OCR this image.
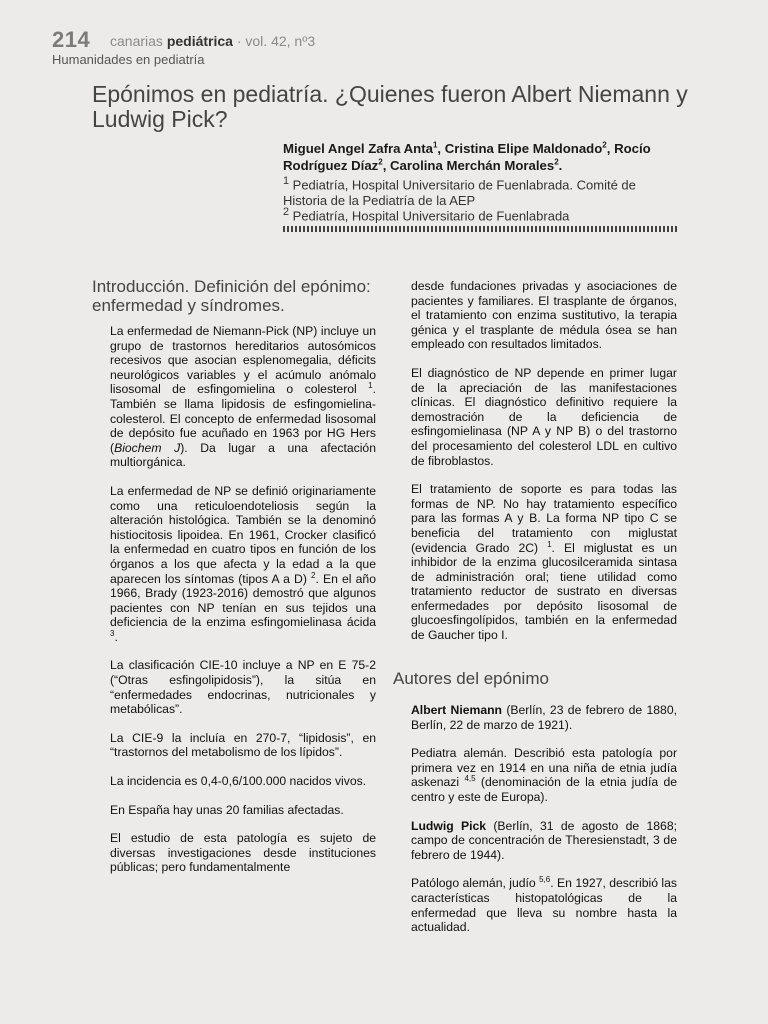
214 canarias pediátrica · vol. 42, nº3
Humanidades en pediatría
Epónimos en pediatría. ¿Quienes fueron Albert Niemann y Ludwig Pick?
Miguel Angel Zafra Anta$^1$, Cristina Elipe Maldonado$^2$, Rocío Rodríguez Díaz$^2$, Carolina Merchán Morales$^2$.
$^1$ Pediatría, Hospital Universitario de Fuenlabrada. Comité de Historia de la Pediatría de la AEP
$^2$ Pediatría, Hospital Universitario de Fuenlabrada
Introducción. Definición del epónimo: enfermedad y síndromes.

La enfermedad de Niemann-Pick (NP) incluye un grupo de trastornos hereditarios autosómicos recesivos que asocian esplenomegalia, déficits neurológicos variables y el acúmulo anómalo lisosomal de esfingomielina o colesterol $^1$. También se llama lipidosis de esfingomielina-colesterol. El concepto de enfermedad lisosomal de depósito fue acuñado en 1963 por HG Hers (Biochem J). Da lugar a una afectación multiorgánica.

La enfermedad de NP se definió originariamente como una reticuloendoteliosis según la alteración histológica. También se la denominó histiocitosis lipoidea. En 1961, Crocker clasificó la enfermedad en cuatro tipos en función de los órganos a los que afecta y la edad a la que aparecen los síntomas (tipos A a D) $^2$. En el año 1966, Brady (1923-2016) demostró que algunos pacientes con NP tenían en sus tejidos una deficiencia de la enzima esfingomielinasa ácida $^3$.

La clasificación CIE-10 incluye a NP en E 75-2 (“Otras esfingolipidosis”), la sitúa en “enfermedades endocrinas, nutricionales y metabólicas”.

La CIE-9 la incluía en 270-7, “lipidosis”, en “trastornos del metabolismo de los lípidos”.

La incidencia es 0,4-0,6/100.000 nacidos vivos.

En España hay unas 20 familias afectadas.

El estudio de esta patología es sujeto de diversas investigaciones desde instituciones públicas; pero fundamentalmente

desde fundaciones privadas y asociaciones de pacientes y familiares. El trasplante de órganos, el tratamiento con enzima sustitutivo, la terapia génica y el trasplante de médula ósea se han empleado con resultados limitados.

El diagnóstico de NP depende en primer lugar de la apreciación de las manifestaciones clínicas. El diagnóstico definitivo requiere la demostración de la deficiencia de esfingomielinasa (NP A y NP B) o del trastorno del procesamiento del colesterol LDL en cultivo de fibroblastos.

El tratamiento de soporte es para todas las formas de NP. No hay tratamiento específico para las formas A y B. La forma NP tipo C se beneficia del tratamiento con miglustat (evidencia Grado 2C) $^1$. El miglustat es un inhibidor de la enzima glucosilceramida sintasa de administración oral; tiene utilidad como tratamiento reductor de sustrato en diversas enfermedades por depósito lisosomal de glucoesfingolípidos, también en la enfermedad de Gaucher tipo I.

Autores del epónimo

Albert Niemann (Berlín, 23 de febrero de 1880, Berlín, 22 de marzo de 1921).

Pediatra alemán. Describió esta patología por primera vez en 1914 en una niña de etnia judía askenazi $^{4,5}$ (denominación de la etnia judía de centro y este de Europa).

Ludwig Pick (Berlín, 31 de agosto de 1868; campo de concentración de Theresienstadt, 3 de febrero de 1944).

Patólogo alemán, judío $^{5,6}$. En 1927, describió las características histopatológicas de la enfermedad que lleva su nombre hasta la actualidad.
